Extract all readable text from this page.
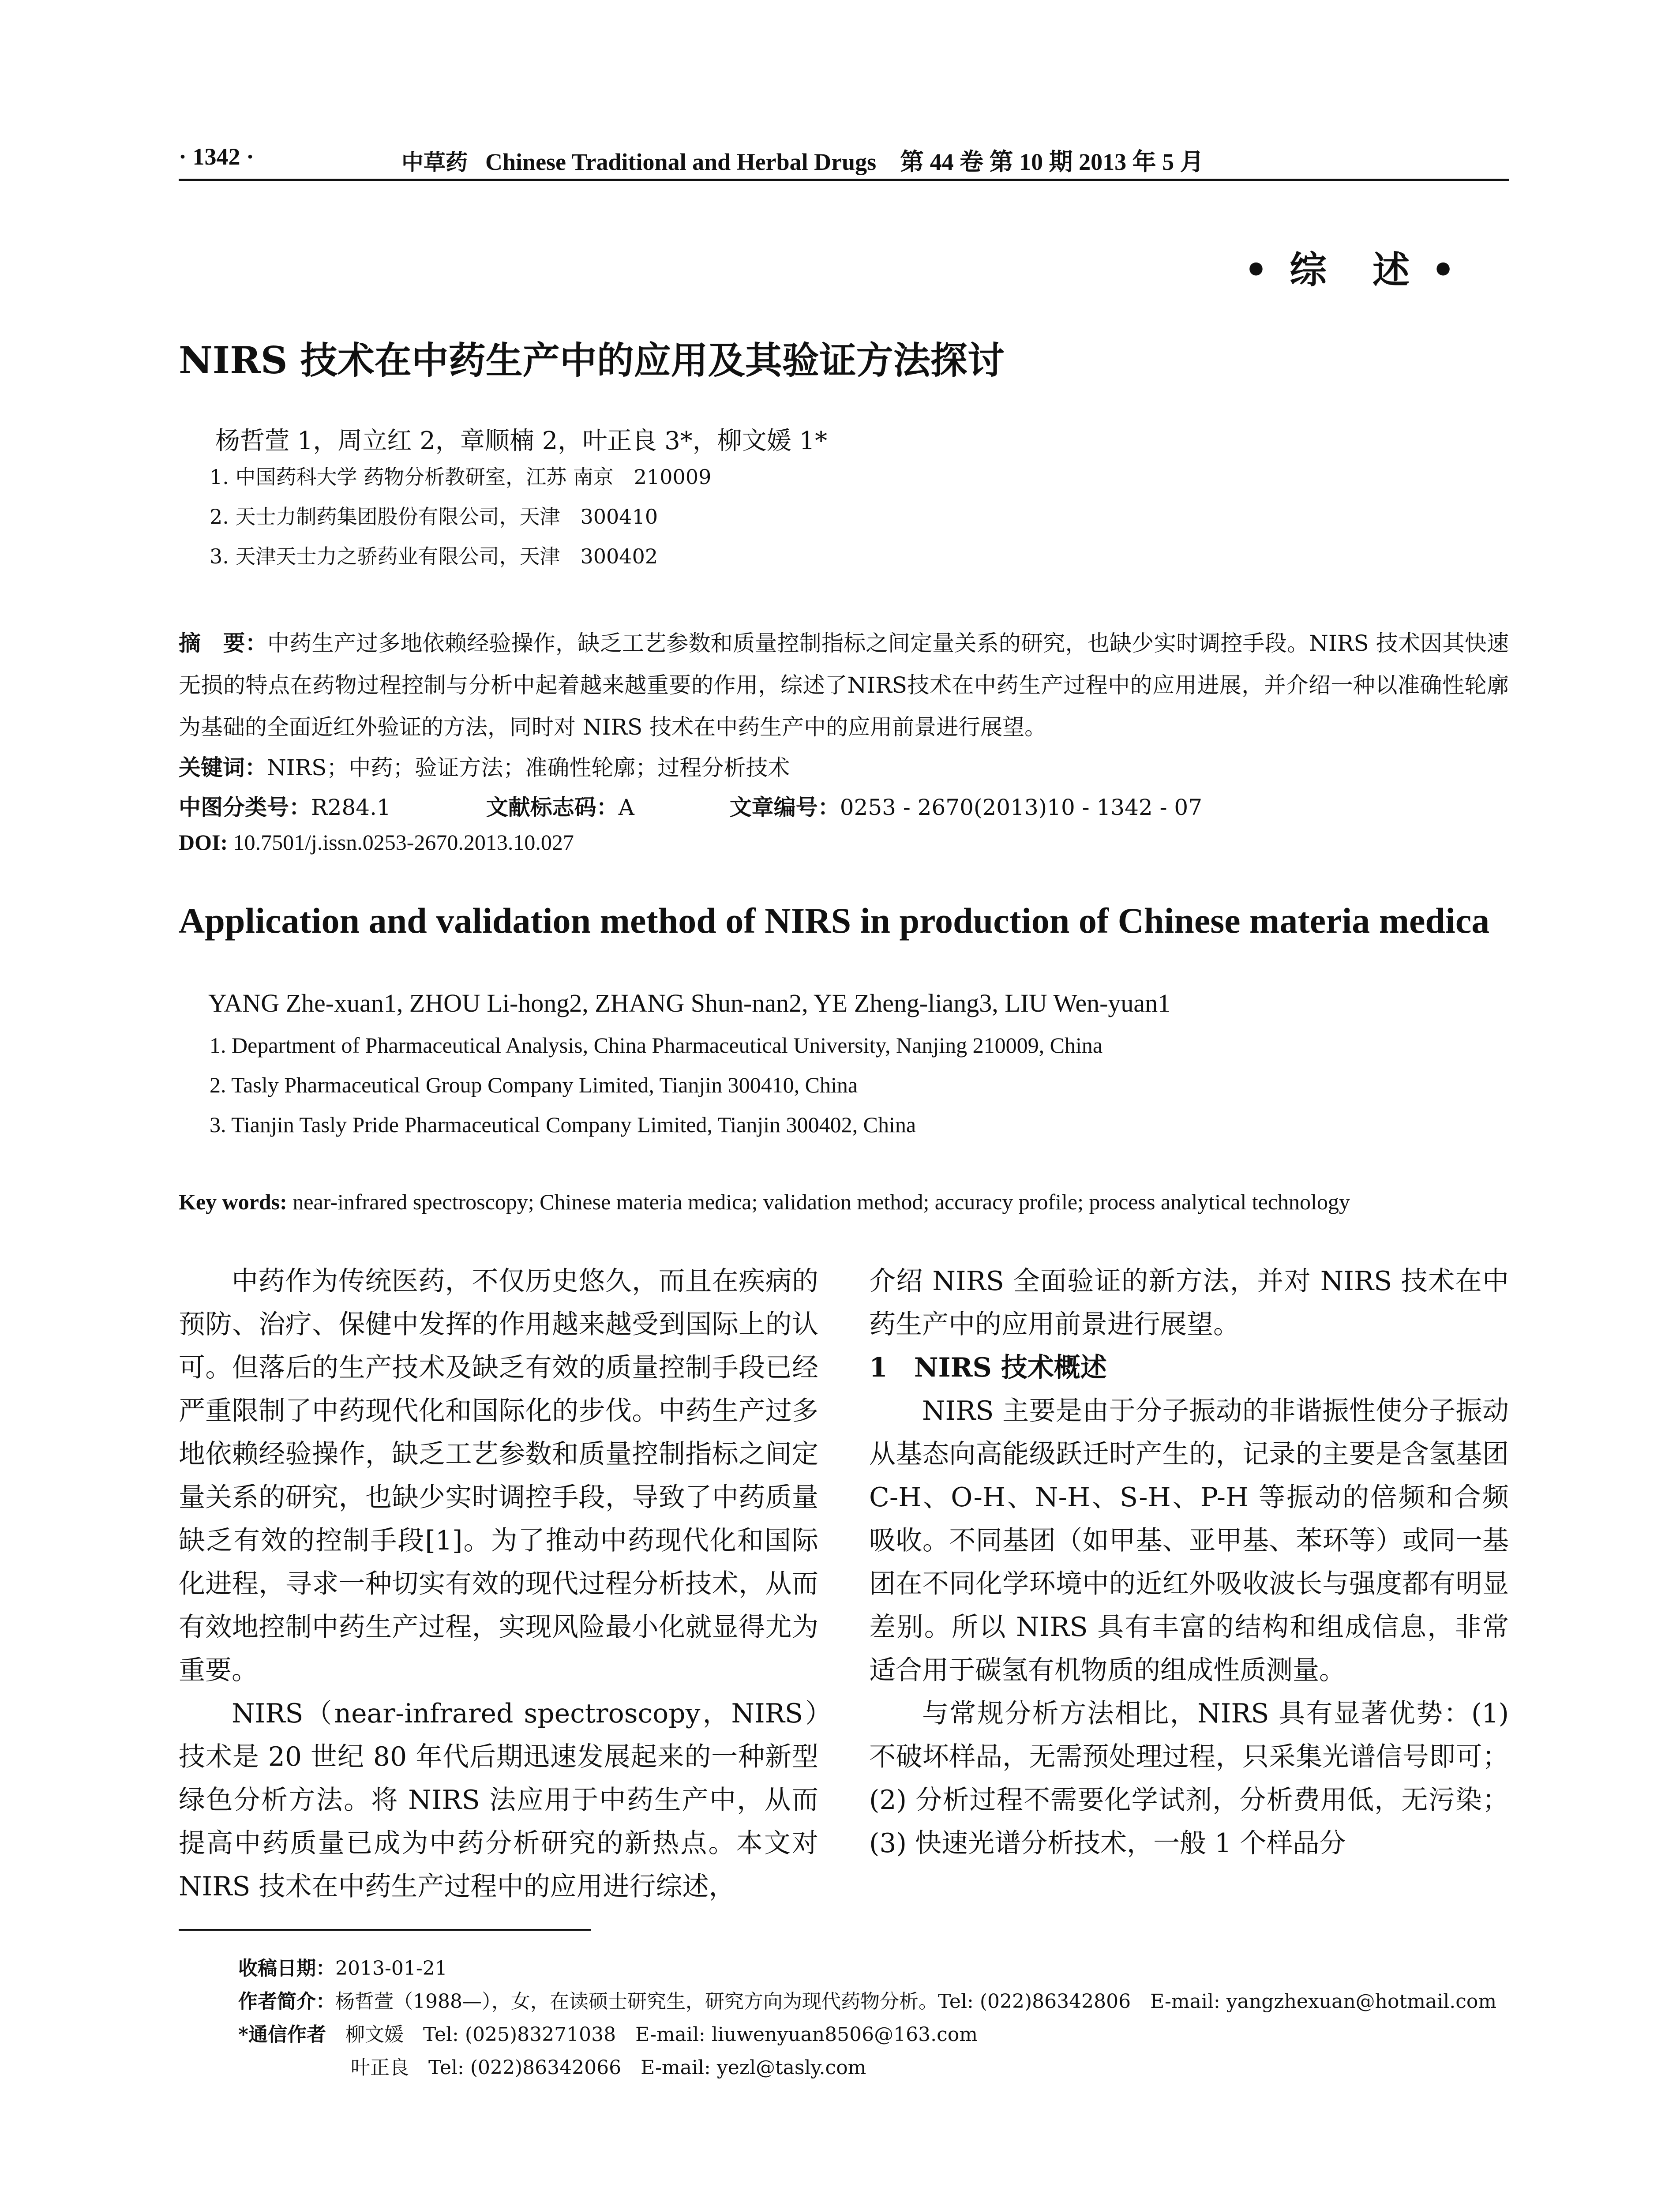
· 1342 ·	中草药 Chinese Traditional and Herbal Drugs　 第 44 卷 第 10 期 2013 年 5 月
• 综　述 •
NIRS 技术在中药生产中的应用及其验证方法探讨
杨哲萱 1，周立红 2，章顺楠 2，叶正良 3*，柳文媛 1*
1. 中国药科大学 药物分析教研室，江苏 南京　210009
2. 天士力制药集团股份有限公司，天津　300410
3. 天津天士力之骄药业有限公司，天津　300402
摘　要：中药生产过多地依赖经验操作，缺乏工艺参数和质量控制指标之间定量关系的研究，也缺少实时调控手段。NIRS 技术因其快速无损的特点在药物过程控制与分析中起着越来越重要的作用，综述了NIRS技术在中药生产过程中的应用进展，并介绍一种以准确性轮廓为基础的全面近红外验证的方法，同时对 NIRS 技术在中药生产中的应用前景进行展望。
关键词：NIRS；中药；验证方法；准确性轮廓；过程分析技术
中图分类号：R284.1	文献标志码：A	文章编号：0253 - 2670(2013)10 - 1342 - 07
DOI: 10.7501/j.issn.0253-2670.2013.10.027
Application and validation method of NIRS in production of Chinese materia medica
YANG Zhe-xuan1, ZHOU Li-hong2, ZHANG Shun-nan2, YE Zheng-liang3, LIU Wen-yuan1
1. Department of Pharmaceutical Analysis, China Pharmaceutical University, Nanjing 210009, China
2. Tasly Pharmaceutical Group Company Limited, Tianjin 300410, China
3. Tianjin Tasly Pride Pharmaceutical Company Limited, Tianjin 300402, China
Key words: near-infrared spectroscopy; Chinese materia medica; validation method; accuracy profile; process analytical technology

中药作为传统医药，不仅历史悠久，而且在疾病的预防、治疗、保健中发挥的作用越来越受到国际上的认可。但落后的生产技术及缺乏有效的质量控制手段已经严重限制了中药现代化和国际化的步伐。中药生产过多地依赖经验操作，缺乏工艺参数和质量控制指标之间定量关系的研究，也缺少实时调控手段，导致了中药质量缺乏有效的控制手段[1]。为了推动中药现代化和国际化进程，寻求一种切实有效的现代过程分析技术，从而有效地控制中药生产过程，实现风险最小化就显得尤为重要。

NIRS（near-infrared spectroscopy，NIRS）技术是 20 世纪 80 年代后期迅速发展起来的一种新型绿色分析方法。将 NIRS 法应用于中药生产中，从而提高中药质量已成为中药分析研究的新热点。本文对 NIRS 技术在中药生产过程中的应用进行综述，

介绍 NIRS 全面验证的新方法，并对 NIRS 技术在中药生产中的应用前景进行展望。

1　NIRS 技术概述

NIRS 主要是由于分子振动的非谐振性使分子振动从基态向高能级跃迁时产生的，记录的主要是含氢基团 C-H、O-H、N-H、S-H、P-H 等振动的倍频和合频吸收。不同基团（如甲基、亚甲基、苯环等）或同一基团在不同化学环境中的近红外吸收波长与强度都有明显差别。所以 NIRS 具有丰富的结构和组成信息，非常适合用于碳氢有机物质的组成性质测量。

与常规分析方法相比，NIRS 具有显著优势：(1) 不破坏样品，无需预处理过程，只采集光谱信号即可；(2) 分析过程不需要化学试剂，分析费用低，无污染；(3) 快速光谱分析技术，一般 1 个样品分

收稿日期：2013-01-21
作者简介：杨哲萱（1988—），女，在读硕士研究生，研究方向为现代药物分析。Tel: (022)86342806　E-mail: yangzhexuan@hotmail.com
*通信作者　柳文媛　Tel: (025)83271038　E-mail: liuwenyuan8506@163.com
叶正良　Tel: (022)86342066　E-mail: yezl@tasly.com
